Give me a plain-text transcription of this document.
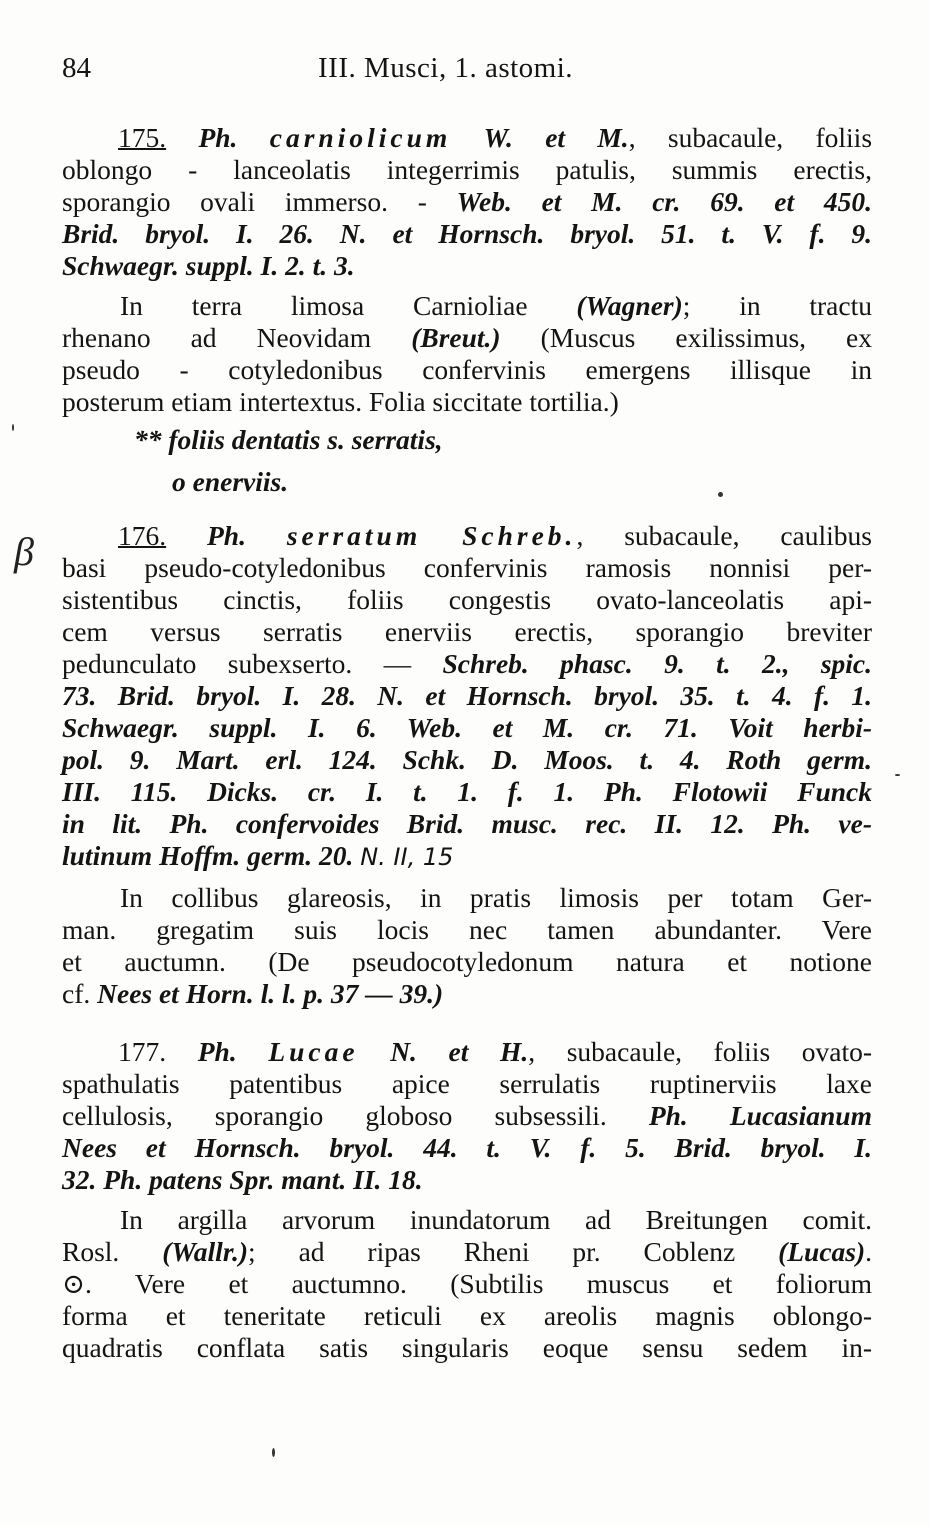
84	III. Musci, 1. astomi.
175. Ph. carniolicum W. et M., subacaule, foliis
oblongo - lanceolatis integerrimis patulis, summis erectis,
sporangio ovali immerso. - Web. et M. cr. 69. et 450.
Brid. bryol. I. 26. N. et Hornsch. bryol. 51. t. V. f. 9.
Schwaegr. suppl. I. 2. t. 3.
In terra limosa Carnioliae (Wagner); in tractu
rhenano ad Neovidam (Breut.) (Muscus exilissimus, ex
pseudo - cotyledonibus confervinis emergens illisque in
posterum etiam intertextus. Folia siccitate tortilia.)
** foliis dentatis s. serratis,
o enerviis.
β	176. Ph. serratum Schreb., subacaule, caulibus
basi pseudo-cotyledonibus confervinis ramosis nonnisi per-
sistentibus cinctis, foliis congestis ovato-lanceolatis api-
cem versus serratis enerviis erectis, sporangio breviter
pedunculato subexserto. — Schreb. phasc. 9. t. 2., spic.
73. Brid. bryol. I. 28. N. et Hornsch. bryol. 35. t. 4. f. 1.
Schwaegr. suppl. I. 6. Web. et M. cr. 71. Voit herbi-
pol. 9. Mart. erl. 124. Schk. D. Moos. t. 4. Roth germ.
III. 115. Dicks. cr. I. t. 1. f. 1. Ph. Flotowii Funck
in lit. Ph. confervoides Brid. musc. rec. II. 12. Ph. ve-
lutinum Hoffm. germ. 20. N. II, 15
In collibus glareosis, in pratis limosis per totam Ger-
man. gregatim suis locis nec tamen abundanter. Vere
et auctumn. (De pseudocotyledonum natura et notione
cf. Nees et Horn. l. l. p. 37 — 39.)
177. Ph. Lucae N. et H., subacaule, foliis ovato-
spathulatis patentibus apice serrulatis ruptinerviis laxe
cellulosis, sporangio globoso subsessili. Ph. Lucasianum
Nees et Hornsch. bryol. 44. t. V. f. 5. Brid. bryol. I.
32. Ph. patens Spr. mant. II. 18.
In argilla arvorum inundatorum ad Breitungen comit.
Rosl. (Wallr.); ad ripas Rheni pr. Coblenz (Lucas).
⊙. Vere et auctumno. (Subtilis muscus et foliorum
forma et teneritate reticuli ex areolis magnis oblongo-
quadratis conflata satis singularis eoque sensu sedem in-
